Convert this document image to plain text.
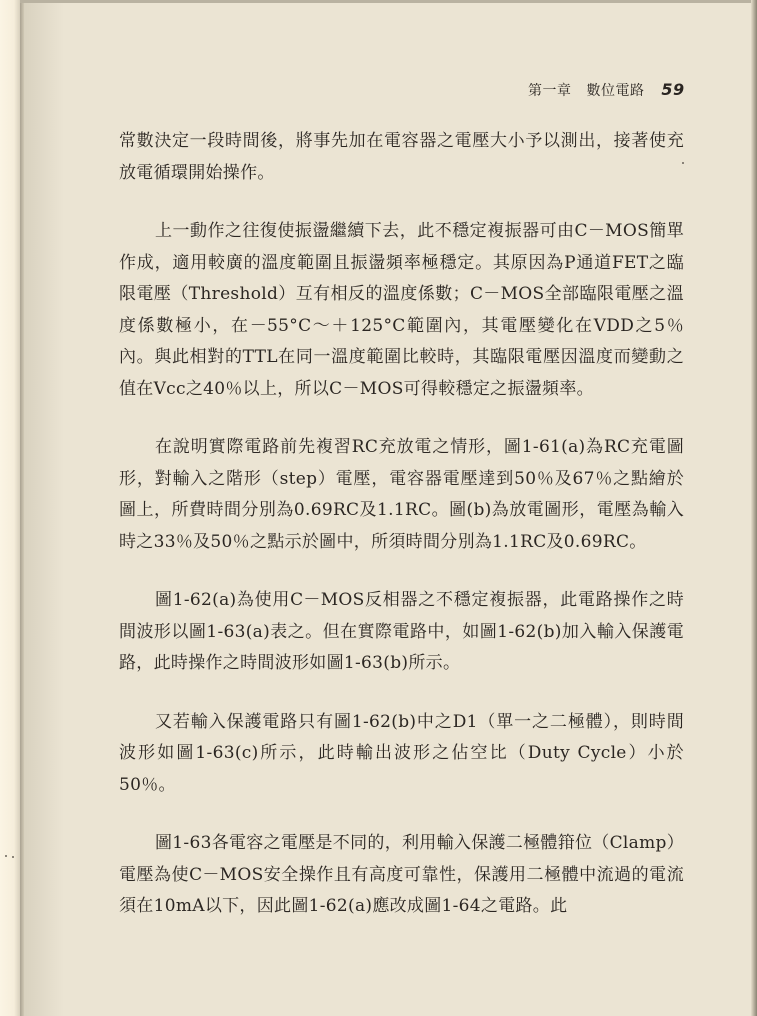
第一章 數位電路 59

常數決定一段時間後，將事先加在電容器之電壓大小予以測出，接著使充放電循環開始操作。

上一動作之往復使振盪繼續下去，此不穩定複振器可由C－MOS簡單作成，適用較廣的溫度範圍且振盪頻率極穩定。其原因為P通道FET之臨限電壓（Threshold）互有相反的溫度係數；C－MOS全部臨限電壓之溫度係數極小，在－55°C～＋125°C範圍內，其電壓變化在VDD之5％內。與此相對的TTL在同一溫度範圍比較時，其臨限電壓因溫度而變動之值在Vcc之40％以上，所以C－MOS可得較穩定之振盪頻率。

在說明實際電路前先複習RC充放電之情形，圖1-61(a)為RC充電圖形，對輸入之階形（step）電壓，電容器電壓達到50％及67％之點繪於圖上，所費時間分別為0.69RC及1.1RC。圖(b)為放電圖形，電壓為輸入時之33％及50％之點示於圖中，所須時間分別為1.1RC及0.69RC。

圖1-62(a)為使用C－MOS反相器之不穩定複振器，此電路操作之時間波形以圖1-63(a)表之。但在實際電路中，如圖1-62(b)加入輸入保護電路，此時操作之時間波形如圖1-63(b)所示。

又若輸入保護電路只有圖1-62(b)中之D1（單一之二極體），則時間波形如圖1-63(c)所示，此時輸出波形之佔空比（Duty Cycle）小於50％。

圖1-63各電容之電壓是不同的，利用輸入保護二極體箝位（Clamp）電壓為使C－MOS安全操作且有高度可靠性，保護用二極體中流過的電流須在10mA以下，因此圖1-62(a)應改成圖1-64之電路。此
